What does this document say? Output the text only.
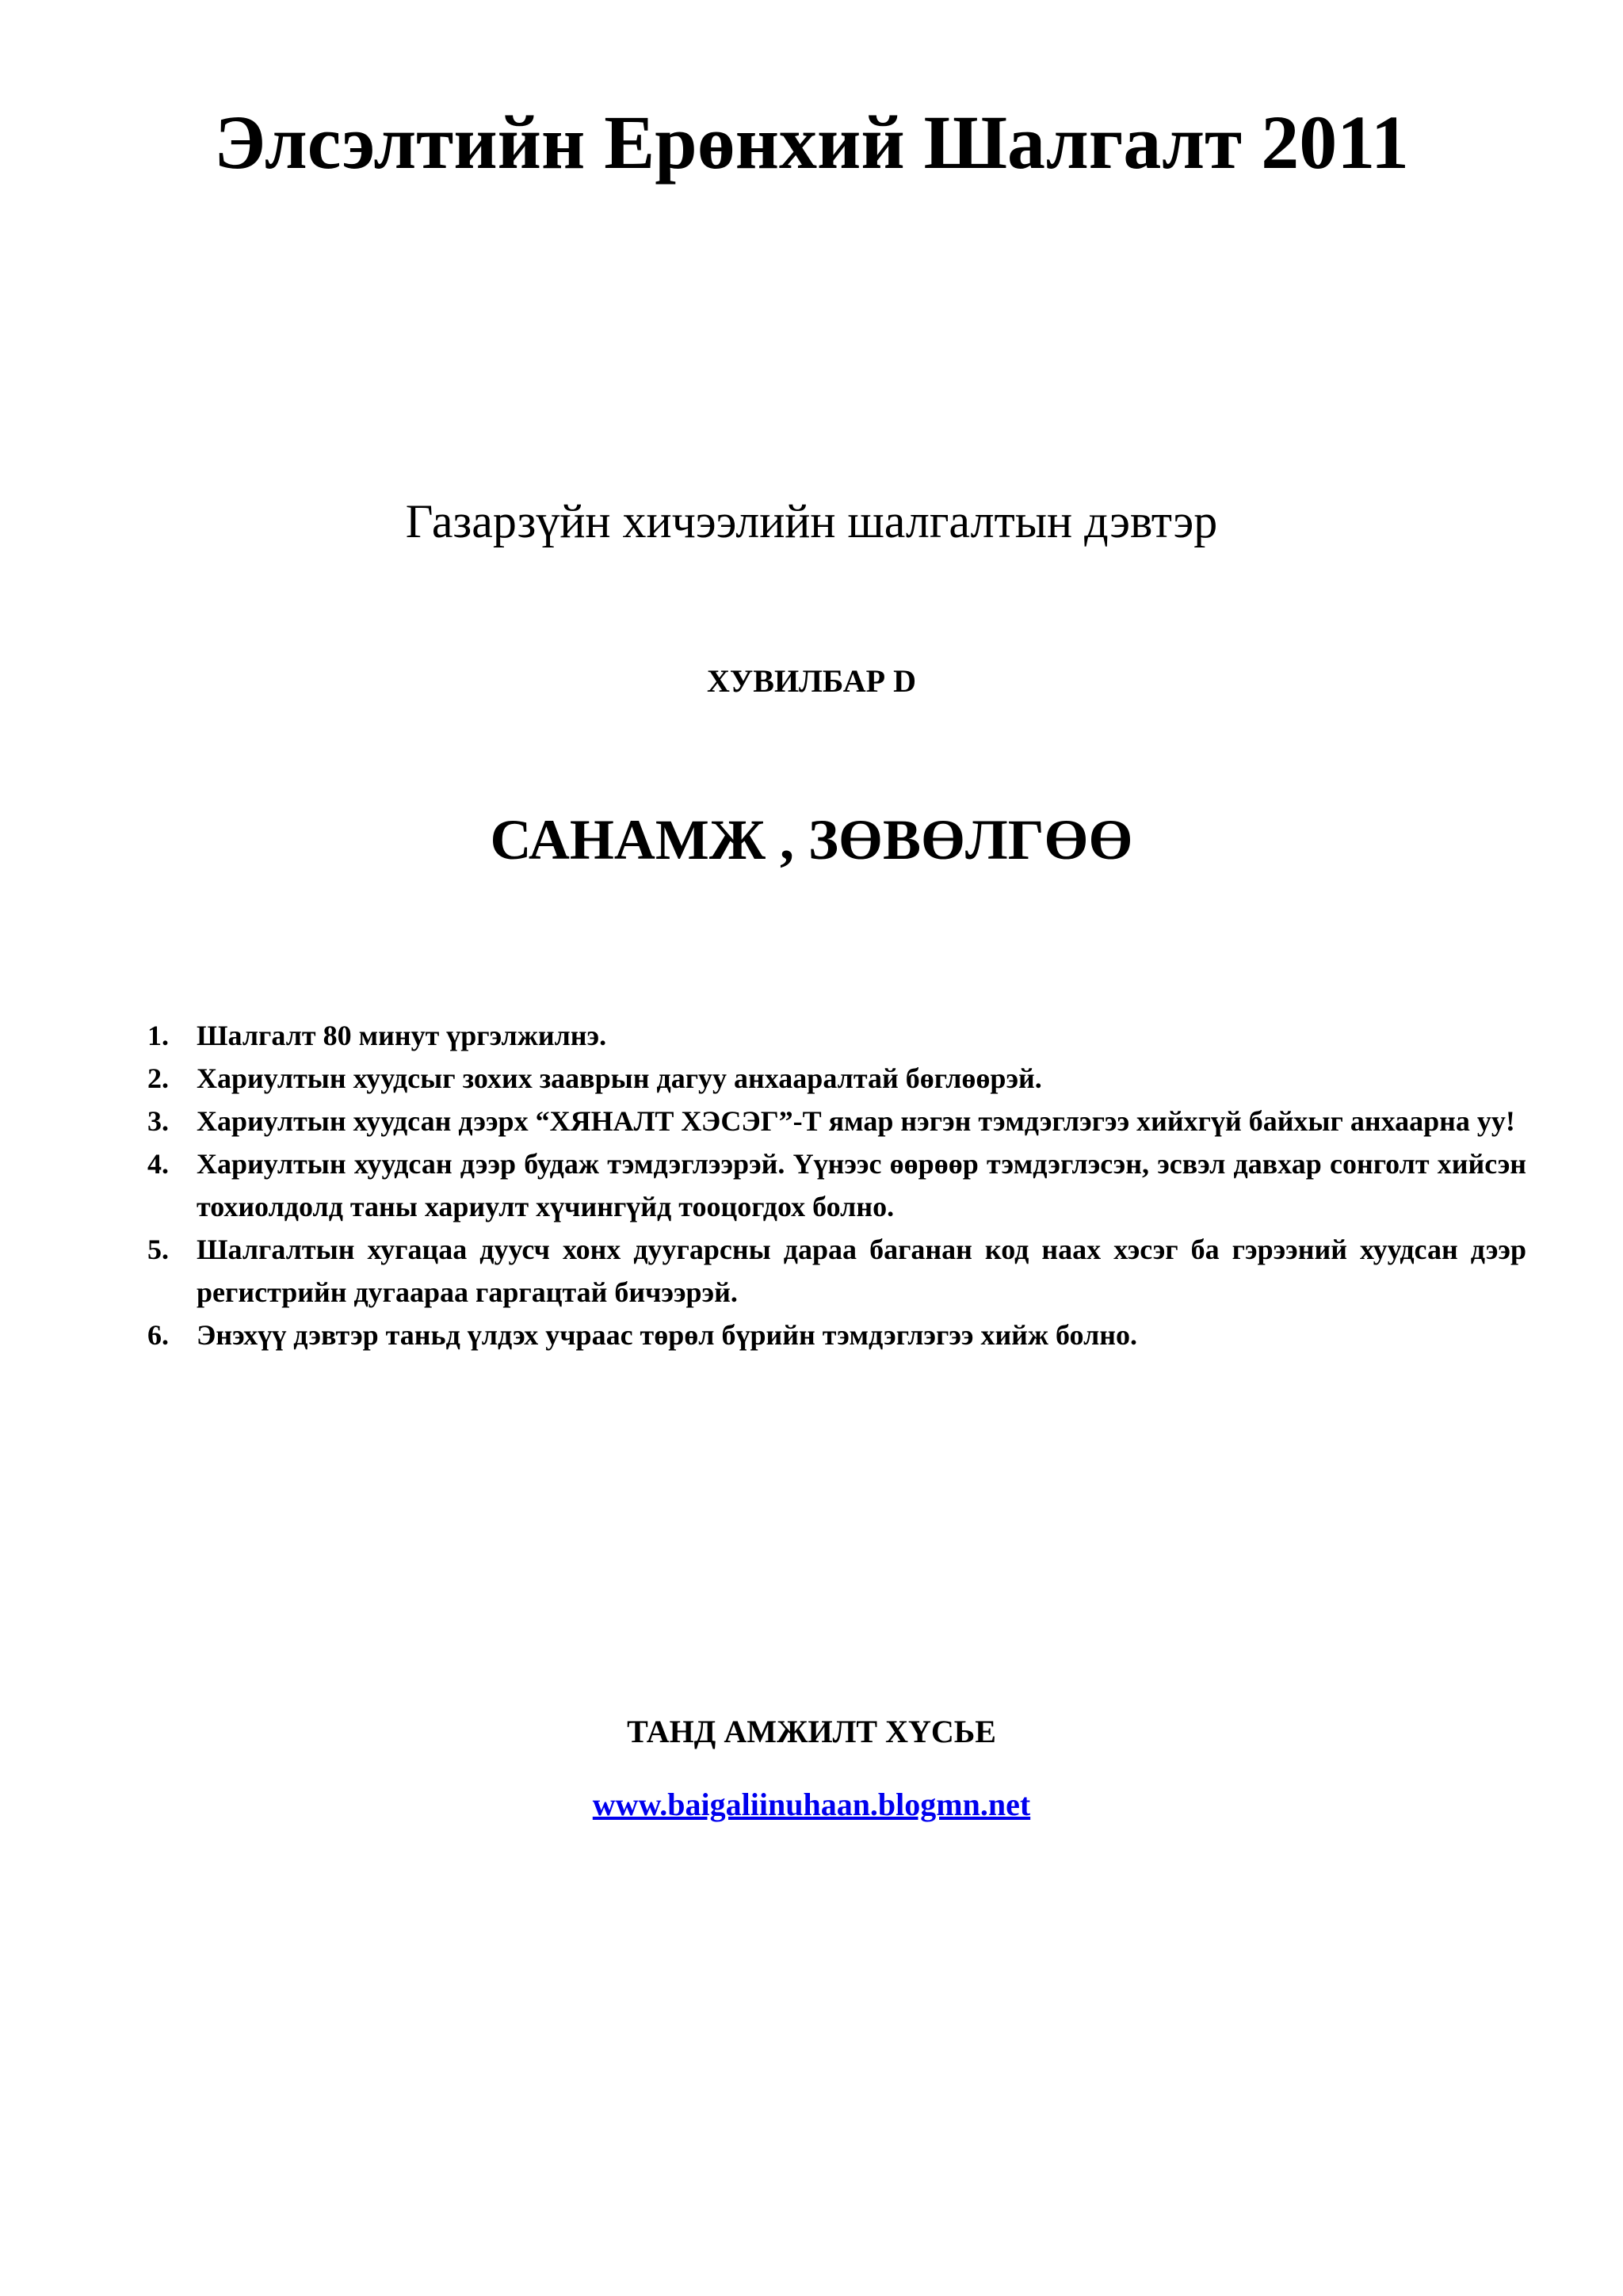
Элсэлтийн Ерөнхий Шалгалт 2011
Газарзүйн хичээлийн шалгалтын дэвтэр
ХУВИЛБАР D
САНАМЖ , ЗӨВӨЛГӨӨ
1. Шалгалт 80 минут үргэлжилнэ.
2. Хариултын хуудсыг зохих зааврын дагуу анхааралтай бөглөөрэй.
3. Хариултын хуудсан дээрх “ХЯНАЛТ ХЭСЭГ”-Т ямар нэгэн тэмдэглэгээ хийхгүй байхыг анхаарна уу!
4. Хариултын хуудсан дээр будаж тэмдэглээрэй. Үүнээс өөрөөр тэмдэглэсэн, эсвэл давхар сонголт хийсэн тохиолдолд таны хариулт хүчингүйд тооцогдох болно.
5. Шалгалтын хугацаа дуусч хонх дуугарсны дараа баганан код наах хэсэг ба гэрээний хуудсан дээр регистрийн дугаараа гаргацтай бичээрэй.
6. Энэхүү дэвтэр таньд үлдэх учраас төрөл бүрийн тэмдэглэгээ хийж болно.
ТАНД АМЖИЛТ ХҮСЬЕ
www.baigaliinuhaan.blogmn.net
